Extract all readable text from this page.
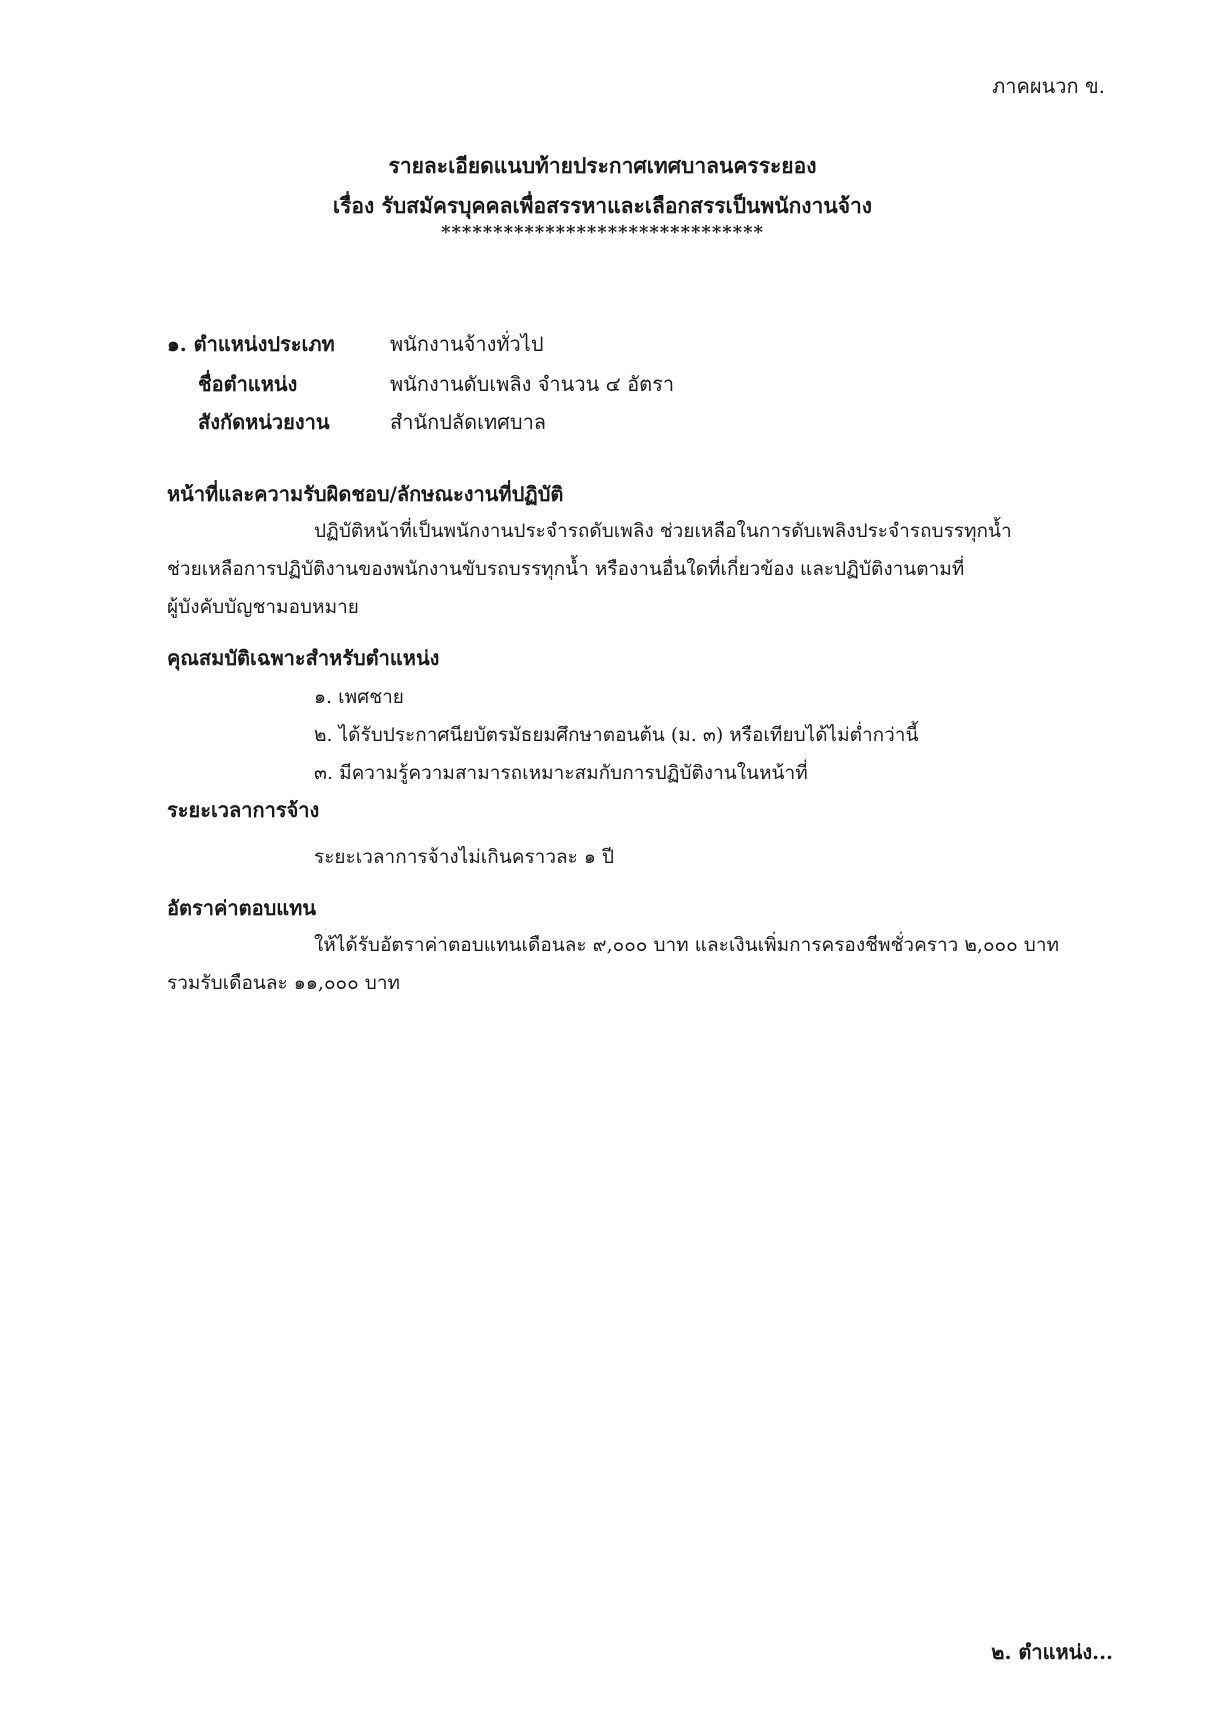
ภาคผนวก ข.
รายละเอียดแนบท้ายประกาศเทศบาลนครระยอง
เรื่อง รับสมัครบุคคลเพื่อสรรหาและเลือกสรรเป็นพนักงานจ้าง
*******************************
๑. ตำแหน่งประเภท	พนักงานจ้างทั่วไป
ชื่อตำแหน่ง	พนักงานดับเพลิง จำนวน ๔ อัตรา
สังกัดหน่วยงาน	สำนักปลัดเทศบาล
หน้าที่และความรับผิดชอบ/ลักษณะงานที่ปฏิบัติ
ปฏิบัติหน้าที่เป็นพนักงานประจำรถดับเพลิง ช่วยเหลือในการดับเพลิงประจำรถบรรทุกน้ำ
ช่วยเหลือการปฏิบัติงานของพนักงานขับรถบรรทุกน้ำ หรืองานอื่นใดที่เกี่ยวข้อง และปฏิบัติงานตามที่
ผู้บังคับบัญชามอบหมาย
คุณสมบัติเฉพาะสำหรับตำแหน่ง
๑. เพศชาย
๒. ได้รับประกาศนียบัตรมัธยมศึกษาตอนต้น (ม. ๓) หรือเทียบได้ไม่ต่ำกว่านี้
๓. มีความรู้ความสามารถเหมาะสมกับการปฏิบัติงานในหน้าที่
ระยะเวลาการจ้าง
ระยะเวลาการจ้างไม่เกินคราวละ ๑ ปี
อัตราค่าตอบแทน
ให้ได้รับอัตราค่าตอบแทนเดือนละ ๙,๐๐๐ บาท และเงินเพิ่มการครองชีพชั่วคราว ๒,๐๐๐ บาท
รวมรับเดือนละ ๑๑,๐๐๐ บาท
๒. ตำแหน่ง...
